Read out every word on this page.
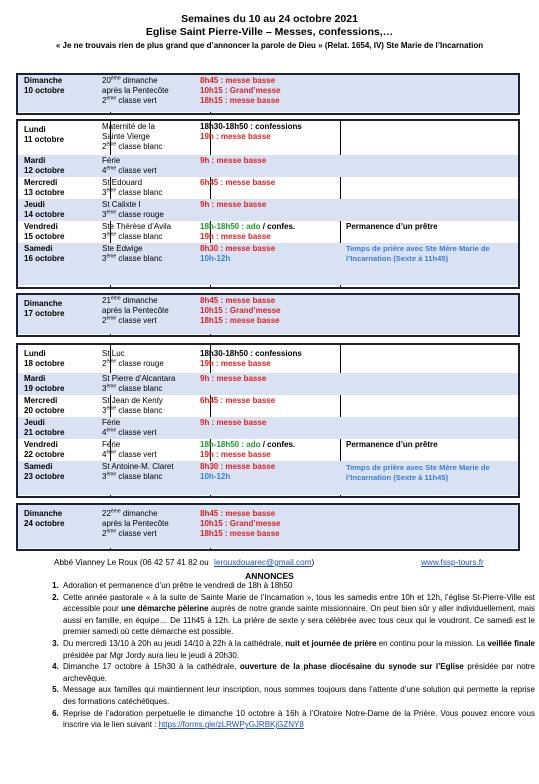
Semaines du 10 au 24 octobre 2021
Eglise Saint Pierre-Ville – Messes, confessions,…
« Je ne trouvais rien de plus grand que d’annoncer la parole de Dieu » (Relat. 1654, IV) Ste Marie de l’Incarnation
Dimanche
10 octobre
20ème dimanche
après la Pentecôte
2ème classe vert
8h45 : messe basse
10h15 : Grand’messe
18h15 : messe basse
Lundi
11 octobre
Maternité de la
Sainte Vierge
2ème classe blanc
18h30-18h50 : confessions
19h : messe basse
Mardi
12 octobre
Férie
4ème classe vert
9h : messe basse
Mercredi
13 octobre
St Edouard
3ème classe blanc
6h45 : messe basse
Jeudi
14 octobre
St Calixte I
3ème classe rouge
9h : messe basse
Vendredi
15 octobre
Ste Thérèse d’Avila
3ème classe blanc
18h-18h50 : ado / confes.
19h : messe basse
Permanence d’un prêtre
Samedi
16 octobre
Ste Edwige
3ème classe blanc
8h30 : messe basse
10h-12h
Temps de prière avec Ste Mère Marie de
l’Incarnation (Sexte à 11h45)
Dimanche
17 octobre
21ème dimanche
après la Pentecôte
2ème classe vert
8h45 : messe basse
10h15 : Grand’messe
18h15 : messe basse
Lundi
18 octobre
St Luc
2ème classe rouge
18h30-18h50 : confessions
19h : messe basse
Mardi
19 octobre
St Pierre d’Alcantara
3ème classe blanc
9h : messe basse
Mercredi
20 octobre
St Jean de Kenty
3ème classe blanc
6h45 : messe basse
Jeudi
21 octobre
Férie
4ème classe vert
9h : messe basse
Vendredi
22 octobre
Férie
4ème classe vert
18h-18h50 : ado / confes.
19h : messe basse
Permanence d’un prêtre
Samedi
23 octobre
St Antoine-M. Claret
3ème classe blanc
8h30 : messe basse
10h-12h
Temps de prière avec Ste Mère Marie de
l’Incarnation (Sexte à 11h45)
Dimanche
24 octobre
22ème dimanche
après la Pentecôte
2ème classe vert
8h45 : messe basse
10h15 : Grand’messe
18h15 : messe basse
Abbé Vianney Le Roux (06 42 57 41 82 ou lerouxdouarec@gmail.com)	www.fssp-tours.fr
ANNONCES
1. Adoration et permanence d’un prêtre le vendredi de 18h à 18h50
2. Cette année pastorale « à la suite de Sainte Marie de l’Incarnation », tous les samedis entre 10h et 12h, l’église St-Pierre-Ville est accessible pour une démarche pèlerine auprès de notre grande sainte missionnaire. On peut bien sûr y aller individuellement, mais aussi en famille, en équipe… De 11h45 à 12h. La prière de sexte y sera célébrée avec tous ceux qui le voudront. Ce samedi est le premier samedi où cette démarche est possible.
3. Du mercredi 13/10 à 20h au jeudi 14/10 à 22h à la cathédrale, nuit et journée de prière en continu pour la mission. La veillée finale présidée par Mgr Jordy aura lieu le jeudi à 20h30.
4. Dimanche 17 octobre à 15h30 à la cathédrale, ouverture de la phase diocésaine du synode sur l’Eglise présidée par notre archevêque.
5. Message aux familles qui maintiennent leur inscription, nous sommes toujours dans l’attente d’une solution qui permette la reprise des formations catéchétiques.
6. Reprise de l’adoration perpetuelle le dimanche 10 octobre à 16h à l’Oratoire Notre-Dame de la Prière. Vous pouvez encore vous inscrire via le lien suivant : https://forms.gle/zLRWPyGJRBKjGZNY8
